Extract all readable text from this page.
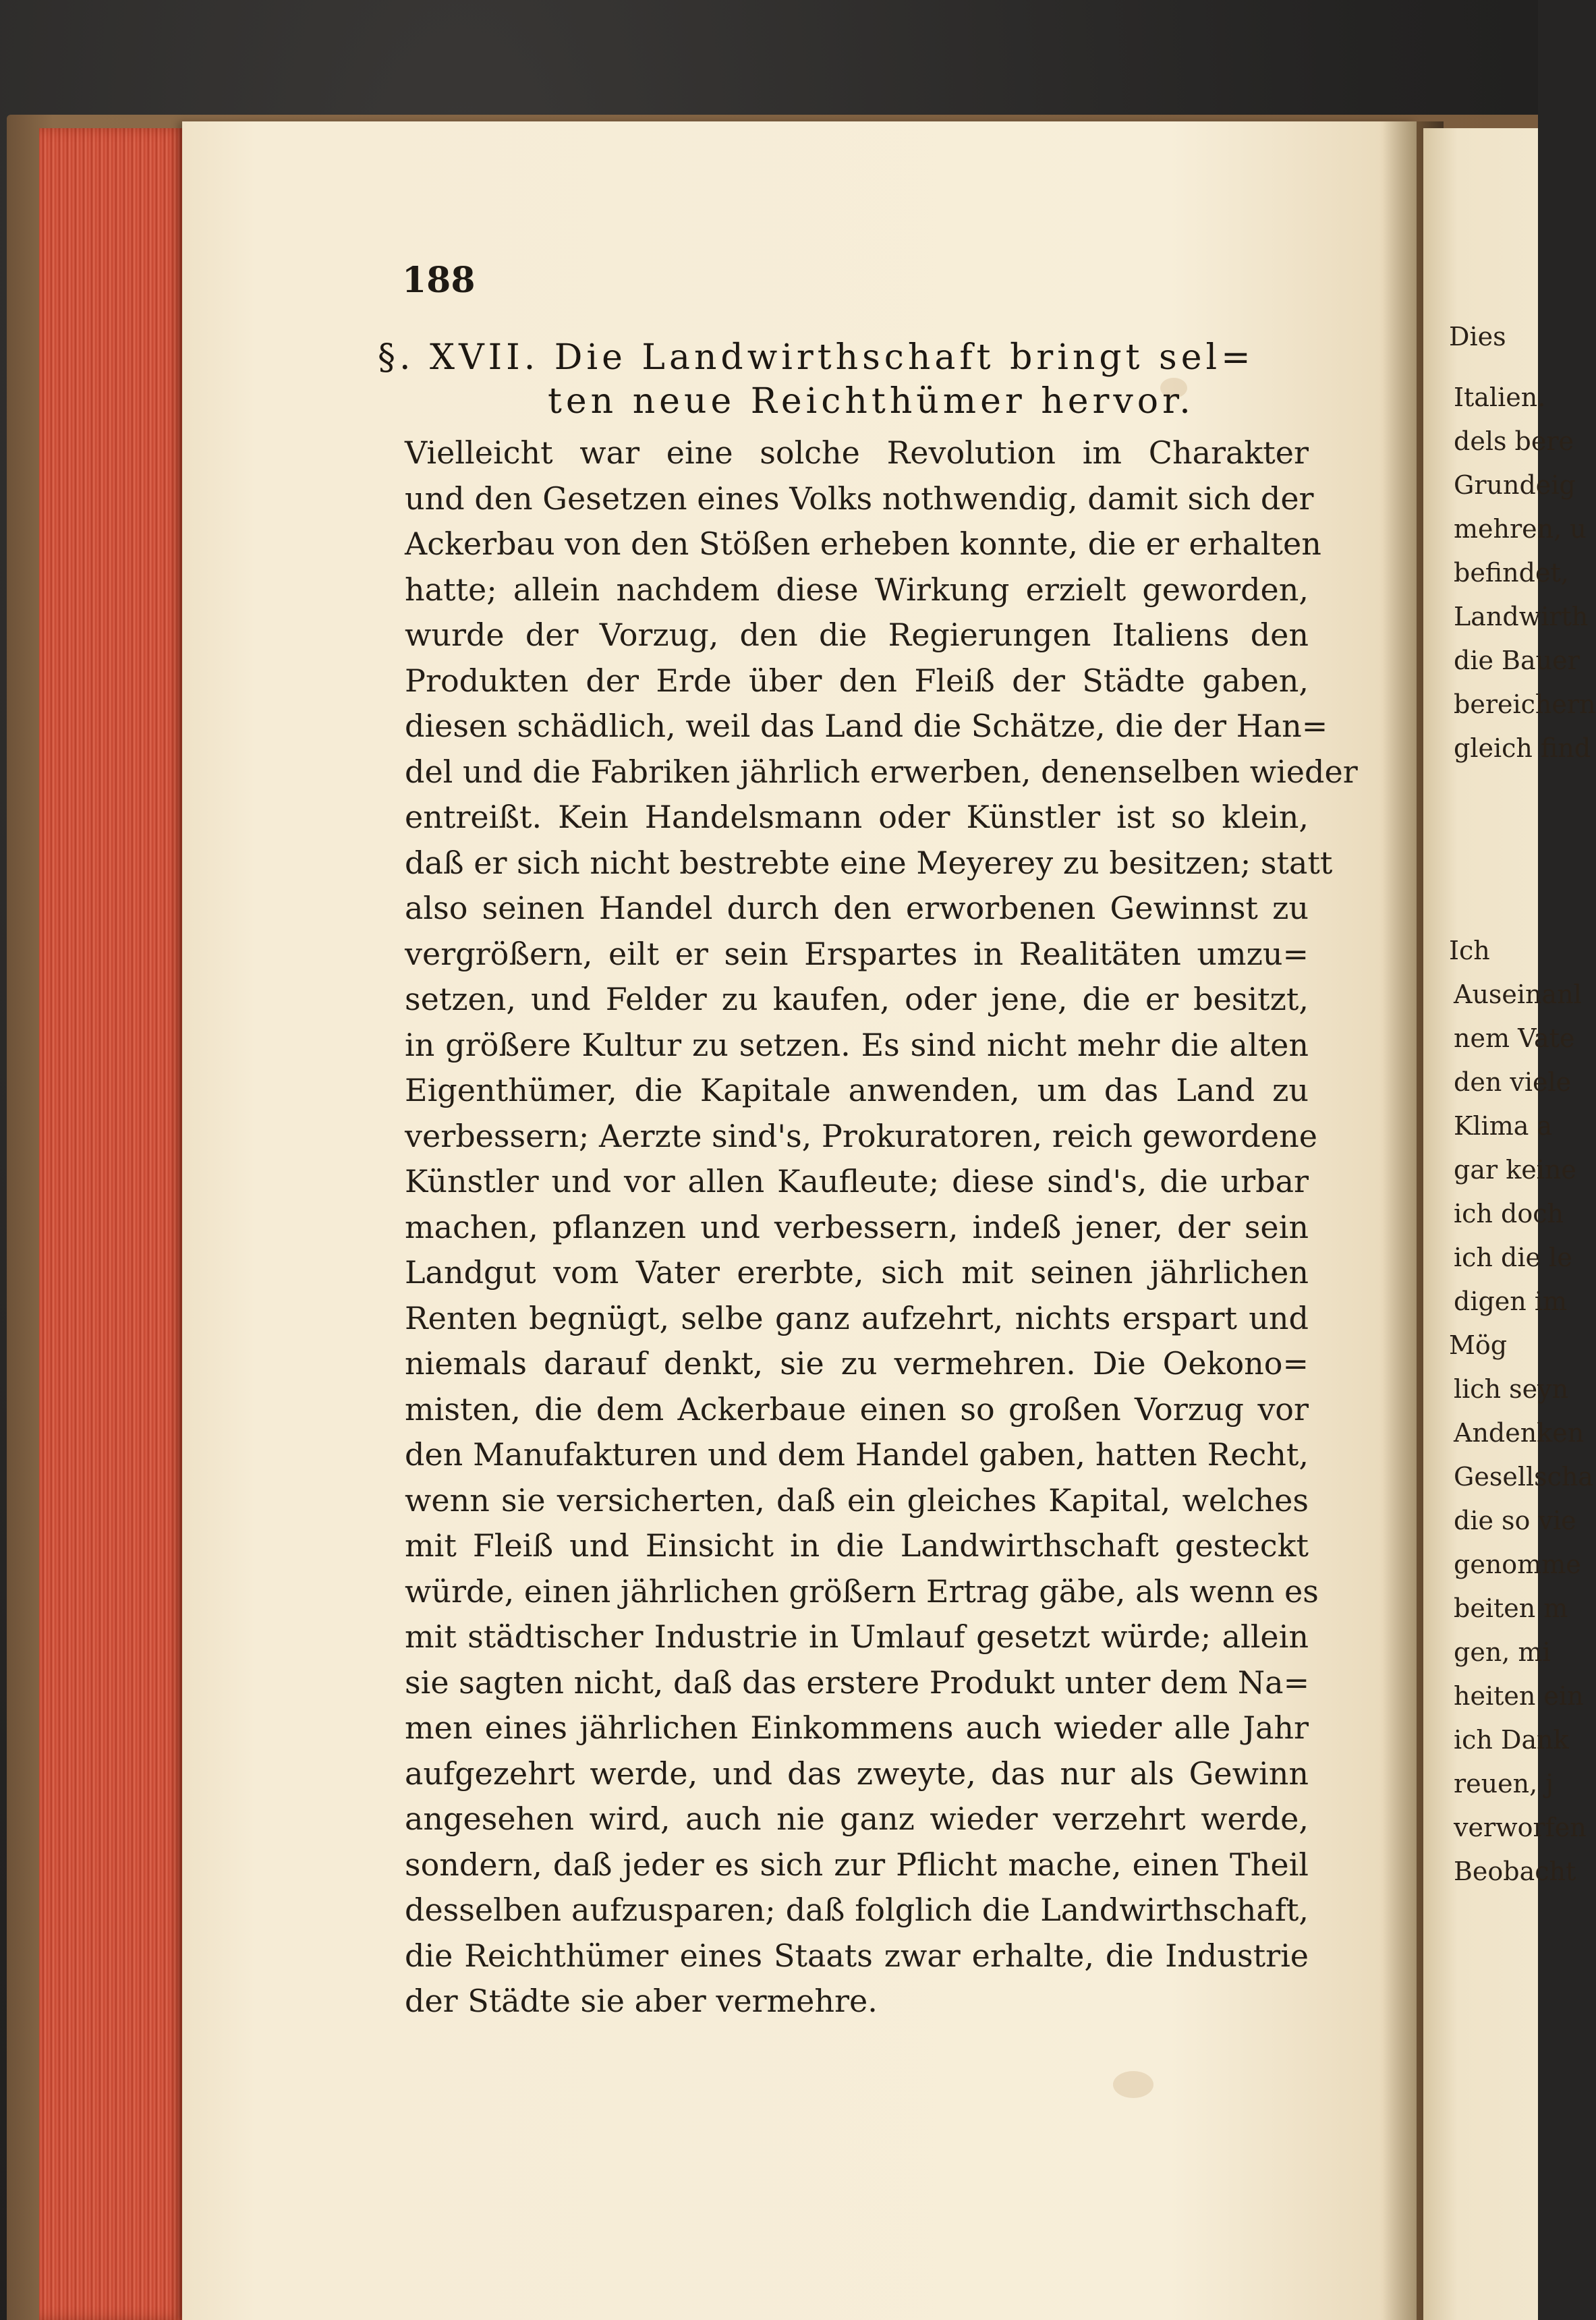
188
§. XVII. Die Landwirthschaft bringt sel=
ten neue Reichthümer hervor.
Vielleicht war eine solche Revolution im Charakter
und den Gesetzen eines Volks nothwendig, damit sich der
Ackerbau von den Stößen erheben konnte, die er erhalten
hatte; allein nachdem diese Wirkung erzielt geworden,
wurde der Vorzug, den die Regierungen Italiens den
Produkten der Erde über den Fleiß der Städte gaben,
diesen schädlich, weil das Land die Schätze, die der Han=
del und die Fabriken jährlich erwerben, denenselben wieder
entreißt. Kein Handelsmann oder Künstler ist so klein,
daß er sich nicht bestrebte eine Meyerey zu besitzen; statt
also seinen Handel durch den erworbenen Gewinnst zu
vergrößern, eilt er sein Erspartes in Realitäten umzu=
setzen, und Felder zu kaufen, oder jene, die er besitzt,
in größere Kultur zu setzen. Es sind nicht mehr die alten
Eigenthümer, die Kapitale anwenden, um das Land zu
verbessern; Aerzte sind's, Prokuratoren, reich gewordene
Künstler und vor allen Kaufleute; diese sind's, die urbar
machen, pflanzen und verbessern, indeß jener, der sein
Landgut vom Vater ererbte, sich mit seinen jährlichen
Renten begnügt, selbe ganz aufzehrt, nichts erspart und
niemals darauf denkt, sie zu vermehren. Die Oekono=
misten, die dem Ackerbaue einen so großen Vorzug vor
den Manufakturen und dem Handel gaben, hatten Recht,
wenn sie versicherten, daß ein gleiches Kapital, welches
mit Fleiß und Einsicht in die Landwirthschaft gesteckt
würde, einen jährlichen größern Ertrag gäbe, als wenn es
mit städtischer Industrie in Umlauf gesetzt würde; allein
sie sagten nicht, daß das erstere Produkt unter dem Na=
men eines jährlichen Einkommens auch wieder alle Jahr
aufgezehrt werde, und das zweyte, das nur als Gewinn
angesehen wird, auch nie ganz wieder verzehrt werde,
sondern, daß jeder es sich zur Pflicht mache, einen Theil
desselben aufzusparen; daß folglich die Landwirthschaft,
die Reichthümer eines Staats zwar erhalte, die Industrie
der Städte sie aber vermehre.
Dies
Italien.
dels bere
Grundeig
mehren, u
befindet,
Landwirth
die Bauer
bereichern
gleich find
Ich
Auseinanl
nem Vate
den viele
Klima a
gar keine
ich doch
ich die le
digen im
Mög
lich seyn
Andenken
Gesellscha
die so vie
genomme
beiten m
gen, mi
heiten ein
ich Dank
reuen, j
verworfen
Beobacht
